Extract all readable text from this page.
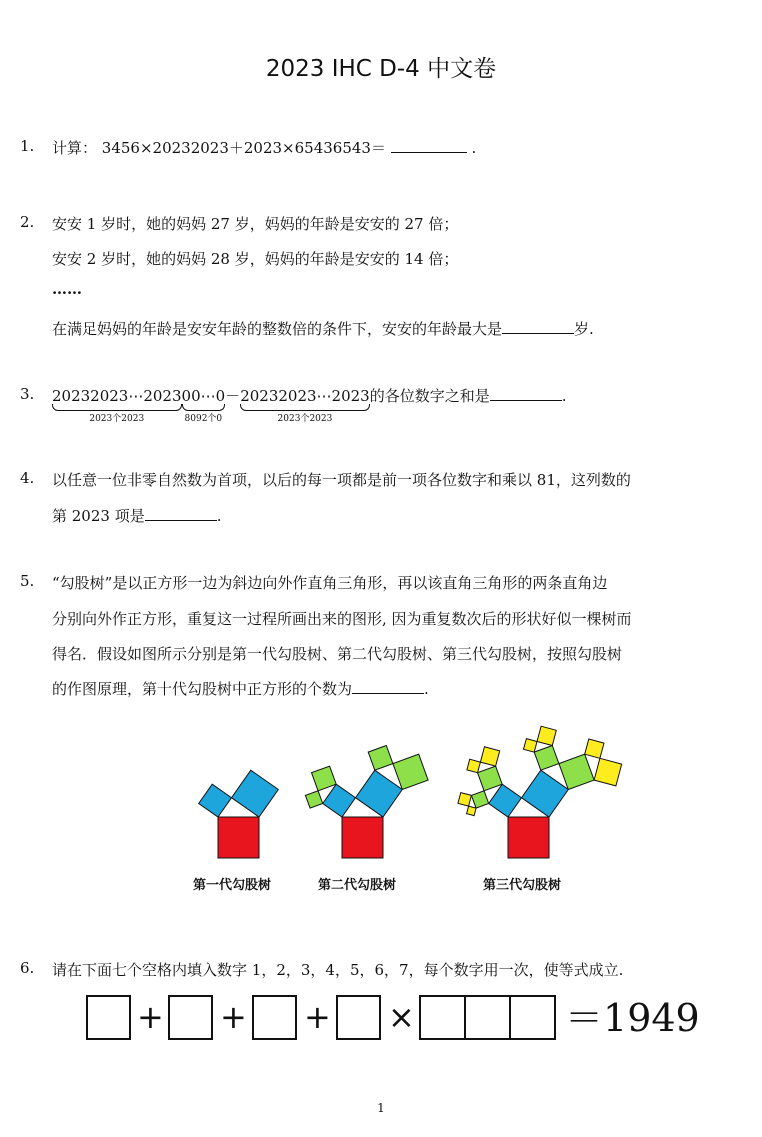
2023 IHC D-4 中文卷
1. 计算： 3456×20232023＋2023×65436543＝	.
2. 安安 1 岁时，她的妈妈 27 岁，妈妈的年龄是安安的 27 倍；
安安 2 岁时，她的妈妈 28 岁，妈妈的年龄是安安的 14 倍；
……
在满足妈妈的年龄是安安年龄的整数倍的条件下，安安的年龄最大是	岁.
3. 20232023⋯2023
2023个2023
00⋯0
8092个0
－20232023⋯2023
2023个2023
的各位数字之和是	.
4. 以任意一位非零自然数为首项，以后的每一项都是前一项各位数字和乘以 81，这列数的
第 2023 项是	.
5. “勾股树”是以正方形一边为斜边向外作直角三角形，再以该直角三角形的两条直角边
分别向外作正方形，重复这一过程所画出来的图形, 因为重复数次后的形状好似一棵树而
得名．假设如图所示分别是第一代勾股树、第二代勾股树、第三代勾股树，按照勾股树
的作图原理，第十代勾股树中正方形的个数为	.
第一代勾股树	第二代勾股树	第三代勾股树
6. 请在下面七个空格内填入数字 1，2，3，4，5，6，7，每个数字用一次，使等式成立.
+ + + ×	＝1949
1
